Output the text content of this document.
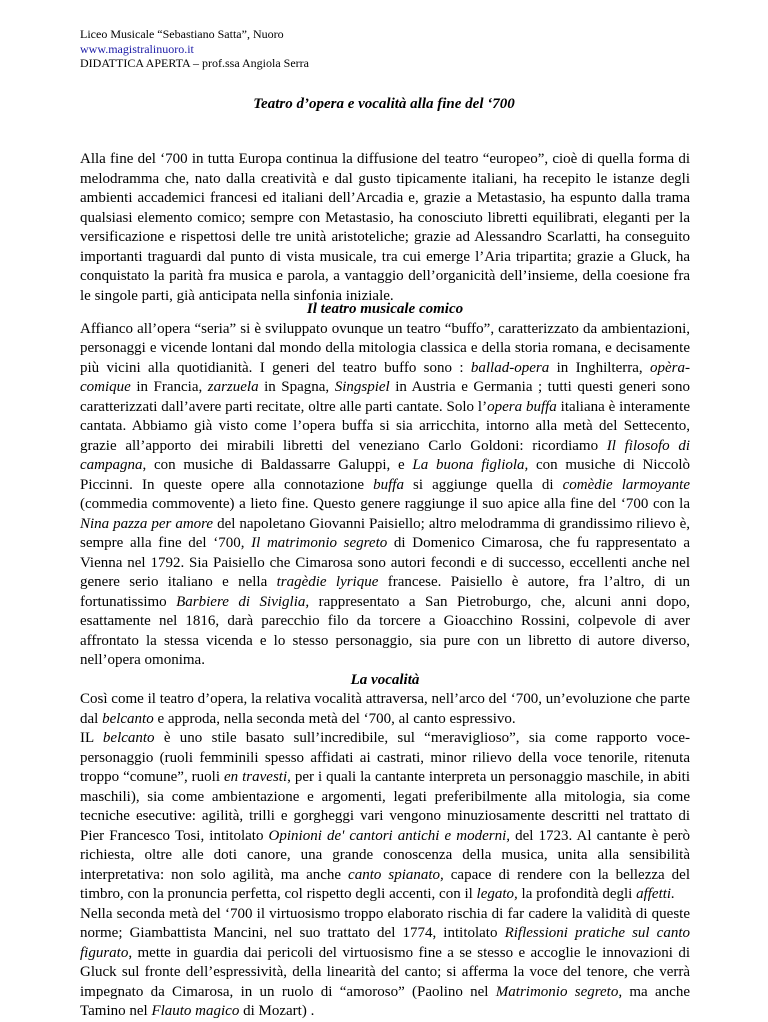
Liceo Musicale “Sebastiano Satta”, Nuoro
www.magistralinuoro.it
DIDATTICA APERTA – prof.ssa Angiola Serra
Teatro d’opera e vocalità alla fine del ‘700

Alla fine del ‘700 in tutta Europa continua la diffusione del teatro “europeo”, cioè di quella forma di melodramma che, nato dalla creatività e dal gusto tipicamente italiani, ha recepito le istanze degli ambienti accademici francesi ed italiani dell’Arcadia e, grazie a Metastasio, ha espunto dalla trama qualsiasi elemento comico; sempre con Metastasio, ha conosciuto libretti equilibrati, eleganti per la versificazione e rispettosi delle tre unità aristoteliche; grazie ad Alessandro Scarlatti, ha conseguito importanti traguardi dal punto di vista musicale, tra cui emerge l’Aria tripartita; grazie a Gluck, ha conquistato la parità fra musica e parola, a vantaggio dell’organicità dell’insieme, della coesione fra le singole parti, già anticipata nella sinfonia iniziale.

Il teatro musicale comico

Affianco all’opera “seria” si è sviluppato ovunque un teatro “buffo”, caratterizzato da ambientazioni, personaggi e vicende lontani dal mondo della mitologia classica e della storia romana, e decisamente più vicini alla quotidianità. I generi del teatro buffo sono : ballad-opera in Inghilterra, opèra-comique in Francia, zarzuela in Spagna, Singspiel in Austria e Germania ; tutti questi generi sono caratterizzati dall’avere parti recitate, oltre alle parti cantate. Solo l’opera buffa italiana è interamente cantata. Abbiamo già visto come l’opera buffa si sia arricchita, intorno alla metà del Settecento, grazie all’apporto dei mirabili libretti del veneziano Carlo Goldoni: ricordiamo Il filosofo di campagna, con musiche di Baldassarre Galuppi, e La buona figliola, con musiche di Niccolò Piccinni. In queste opere alla connotazione buffa si aggiunge quella di comèdie larmoyante (commedia commovente) a lieto fine. Questo genere raggiunge il suo apice alla fine del ‘700 con la Nina pazza per amore del napoletano Giovanni Paisiello; altro melodramma di grandissimo rilievo è, sempre alla fine del ‘700, Il matrimonio segreto di Domenico Cimarosa, che fu rappresentato a Vienna nel 1792. Sia Paisiello che Cimarosa sono autori fecondi e di successo, eccellenti anche nel genere serio italiano e nella tragèdie lyrique francese. Paisiello è autore, fra l’altro, di un fortunatissimo Barbiere di Siviglia, rappresentato a San Pietroburgo, che, alcuni anni dopo, esattamente nel 1816, darà parecchio filo da torcere a Gioacchino Rossini, colpevole di aver affrontato la stessa vicenda e lo stesso personaggio, sia pure con un libretto di autore diverso, nell’opera omonima.

La vocalità

Così come il teatro d’opera, la relativa vocalità attraversa, nell’arco del ‘700, un’evoluzione che parte dal belcanto e approda, nella seconda metà del ‘700, al canto espressivo.

IL belcanto è uno stile basato sull’incredibile, sul “meraviglioso”, sia come rapporto voce-personaggio (ruoli femminili spesso affidati ai castrati, minor rilievo della voce tenorile, ritenuta troppo “comune”, ruoli en travesti, per i quali la cantante interpreta un personaggio maschile, in abiti maschili), sia come ambientazione e argomenti, legati preferibilmente alla mitologia, sia come tecniche esecutive: agilità, trilli e gorgheggi vari vengono minuziosamente descritti nel trattato di Pier Francesco Tosi, intitolato Opinioni de' cantori antichi e moderni, del 1723. Al cantante è però richiesta, oltre alle doti canore, una grande conoscenza della musica, unita alla sensibilità interpretativa: non solo agilità, ma anche canto spianato, capace di rendere con la bellezza del timbro, con la pronuncia perfetta, col rispetto degli accenti, con il legato, la profondità degli affetti.

Nella seconda metà del ‘700 il virtuosismo troppo elaborato rischia di far cadere la validità di queste norme; Giambattista Mancini, nel suo trattato del 1774, intitolato Riflessioni pratiche sul canto figurato, mette in guardia dai pericoli del virtuosismo fine a se stesso e accoglie le innovazioni di Gluck sul fronte dell’espressività, della linearità del canto; si afferma la voce del tenore, che verrà impegnato da Cimarosa, in un ruolo di “amoroso” (Paolino nel Matrimonio segreto, ma anche Tamino nel Flauto magico di Mozart) .
